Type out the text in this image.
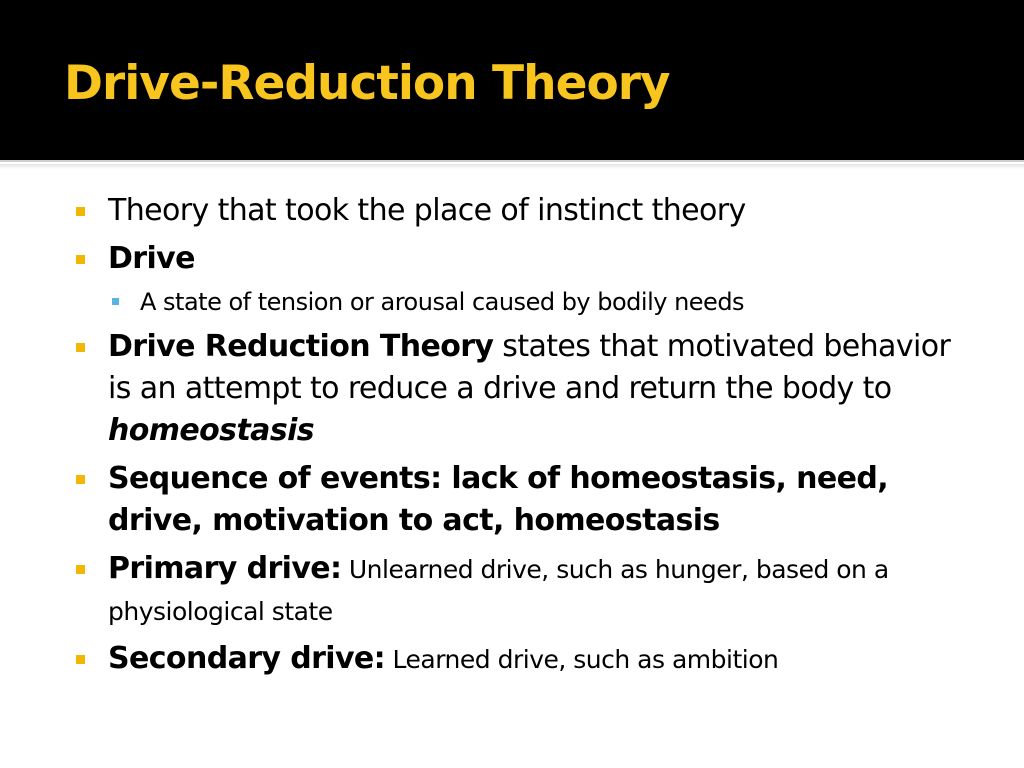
Drive-Reduction Theory
Theory that took the place of instinct theory
Drive
A state of tension or arousal caused by bodily needs
Drive Reduction Theory states that motivated behavior is an attempt to reduce a drive and return the body to homeostasis
Sequence of events: lack of homeostasis, need, drive, motivation to act, homeostasis
Primary drive: Unlearned drive, such as hunger, based on a physiological state
Secondary drive: Learned drive, such as ambition
